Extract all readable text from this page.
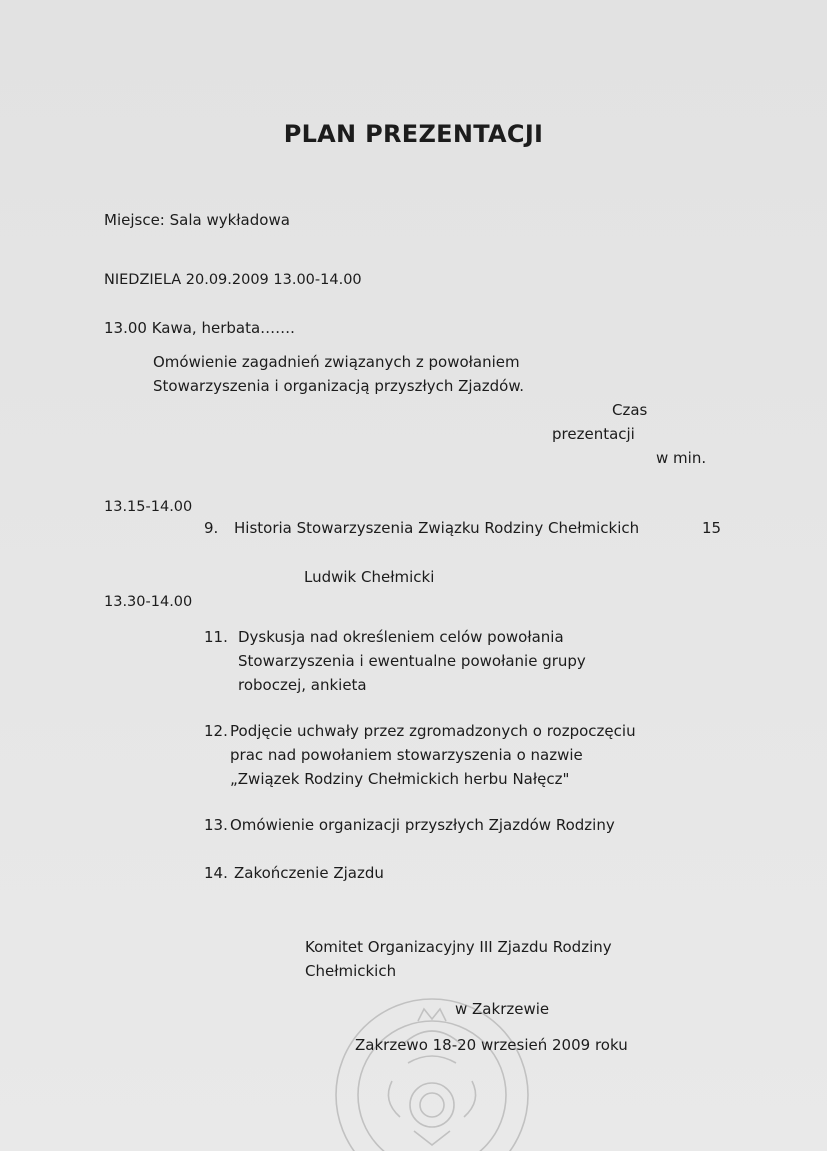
PLAN PREZENTACJI
Miejsce: Sala wykładowa
NIEDZIELA 20.09.2009 13.00-14.00
13.00 Kawa, herbata…….
Omówienie zagadnień związanych z powołaniem
Stowarzyszenia i organizacją przyszłych Zjazdów.
Czas
prezentacji
w min.
13.15-14.00
9. Historia Stowarzyszenia Związku Rodziny Chełmickich	15
Ludwik Chełmicki
13.30-14.00
11. Dyskusja nad określeniem celów powołania
Stowarzyszenia i ewentualne powołanie grupy
roboczej, ankieta
12. Podjęcie uchwały przez zgromadzonych o rozpoczęciu
prac nad powołaniem stowarzyszenia o nazwie
„Związek Rodziny Chełmickich herbu Nałęcz"
13. Omówienie organizacji przyszłych Zjazdów Rodziny
14. Zakończenie Zjazdu
Komitet Organizacyjny III Zjazdu Rodziny
Chełmickich
w Zakrzewie
Zakrzewo 18-20 wrzesień 2009 roku
